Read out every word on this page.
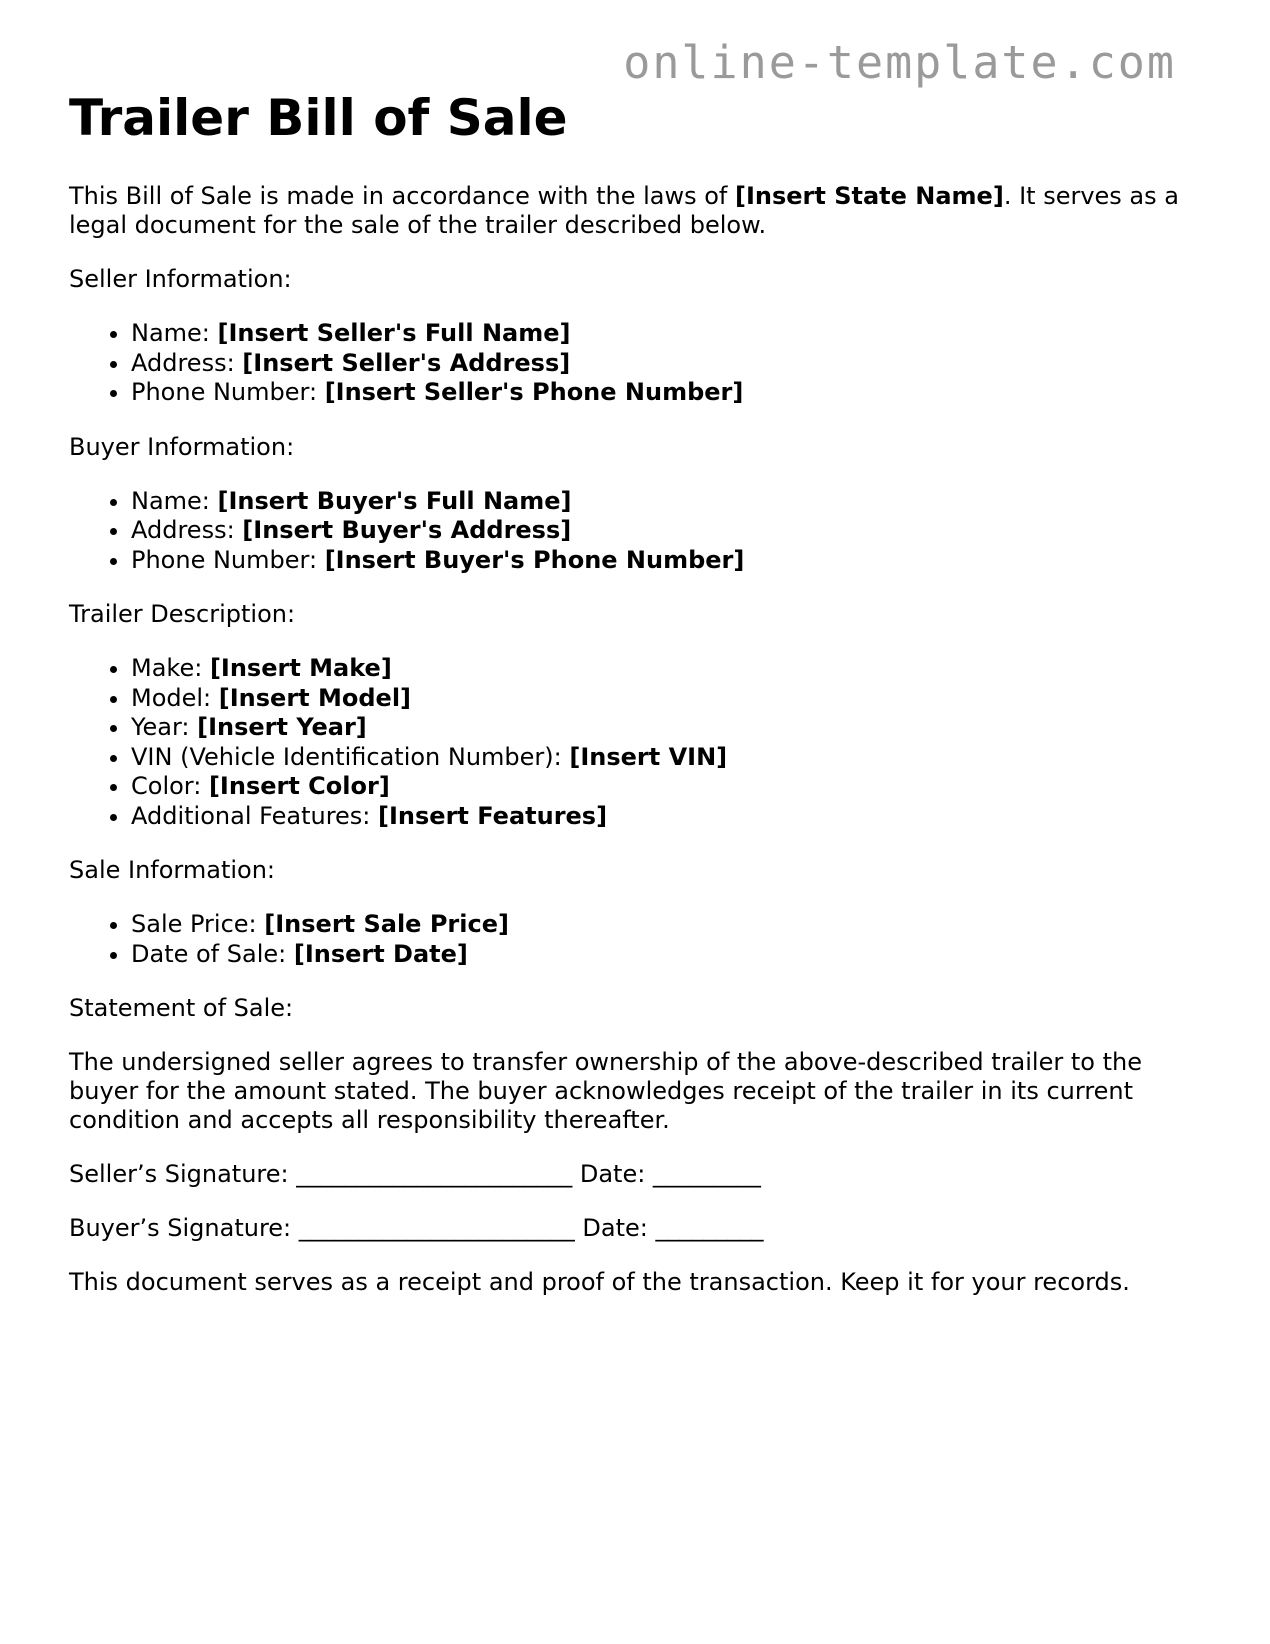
online-template.com
Trailer Bill of Sale

This Bill of Sale is made in accordance with the laws of [Insert State Name]. It serves as a legal document for the sale of the trailer described below.

Seller Information:

• Name: [Insert Seller's Full Name]
• Address: [Insert Seller's Address]
• Phone Number: [Insert Seller's Phone Number]

Buyer Information:

• Name: [Insert Buyer's Full Name]
• Address: [Insert Buyer's Address]
• Phone Number: [Insert Buyer's Phone Number]

Trailer Description:

• Make: [Insert Make]
• Model: [Insert Model]
• Year: [Insert Year]
• VIN (Vehicle Identification Number): [Insert VIN]
• Color: [Insert Color]
• Additional Features: [Insert Features]

Sale Information:

• Sale Price: [Insert Sale Price]
• Date of Sale: [Insert Date]

Statement of Sale:

The undersigned seller agrees to transfer ownership of the above-described trailer to the buyer for the amount stated. The buyer acknowledges receipt of the trailer in its current condition and accepts all responsibility thereafter.

Seller’s Signature: _______________________ Date: _________

Buyer’s Signature: _______________________ Date: _________

This document serves as a receipt and proof of the transaction. Keep it for your records.
